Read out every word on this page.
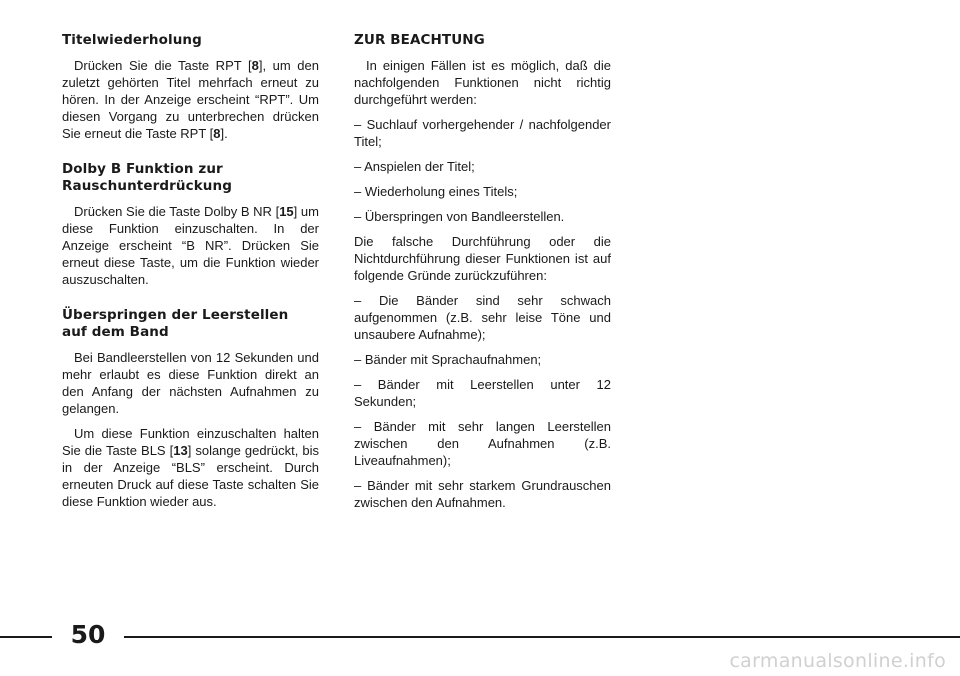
Titelwiederholung

Drücken Sie die Taste RPT [8], um den zuletzt gehörten Titel mehrfach erneut zu hören. In der Anzeige erscheint “RPT”. Um diesen Vorgang zu unterbrechen drücken Sie erneut die Taste RPT [8].

Dolby B Funktion zur
Rauschunterdrückung

Drücken Sie die Taste Dolby B NR [15] um diese Funktion einzuschalten. In der Anzeige erscheint “B NR”. Drücken Sie erneut diese Taste, um die Funktion wieder auszuschalten.

Überspringen der Leerstellen
auf dem Band

Bei Bandleerstellen von 12 Sekunden und mehr erlaubt es diese Funktion direkt an den Anfang der nächsten Aufnahmen zu gelangen.

Um diese Funktion einzuschalten halten Sie die Taste BLS [13] solange gedrückt, bis in der Anzeige “BLS” erscheint. Durch erneuten Druck auf diese Taste schalten Sie diese Funktion wieder aus.

ZUR BEACHTUNG

In einigen Fällen ist es möglich, daß die nachfolgenden Funktionen nicht richtig durchgeführt werden:

– Suchlauf vorhergehender / nachfolgender Titel;

– Anspielen der Titel;

– Wiederholung eines Titels;

– Überspringen von Bandleerstellen.

Die falsche Durchführung oder die Nichtdurchführung dieser Funktionen ist auf folgende Gründe zurückzuführen:

– Die Bänder sind sehr schwach aufgenommen (z.B. sehr leise Töne und unsaubere Aufnahme);

– Bänder mit Sprachaufnahmen;

– Bänder mit Leerstellen unter 12 Sekunden;

– Bänder mit sehr langen Leerstellen zwischen den Aufnahmen (z.B. Liveaufnahmen);

– Bänder mit sehr starkem Grundrauschen zwischen den Aufnahmen.

50
carmanualsonline.info
